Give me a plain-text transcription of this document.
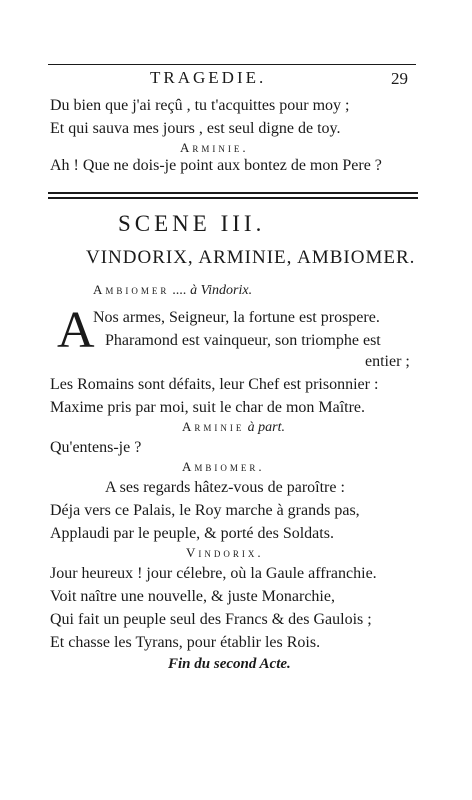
TRAGEDIE.	29
Du bien que j'ai reçû , tu t'acquittes pour moy ;
Et qui sauva mes jours , est seul digne de toy.
Arminie.
Ah ! Que ne dois-je point aux bontez de mon Pere ?
SCENE III.
VINDORIX, ARMINIE, AMBIOMER.
Ambiomer .... à Vindorix.
A
Nos armes, Seigneur, la fortune est prospere.
Pharamond est vainqueur, son triomphe est
entier ;
Les Romains sont défaits, leur Chef est prisonnier :
Maxime pris par moi, suit le char de mon Maître.
Arminie à part.
Qu'entens-je ?
Ambiomer.
A ses regards hâtez-vous de paroître :
Déja vers ce Palais, le Roy marche à grands pas,
Applaudi par le peuple, & porté des Soldats.
Vindorix.
Jour heureux ! jour célebre, où la Gaule affranchie.
Voit naître une nouvelle, & juste Monarchie,
Qui fait un peuple seul des Francs & des Gaulois ;
Et chasse les Tyrans, pour établir les Rois.
Fin du second Acte.
